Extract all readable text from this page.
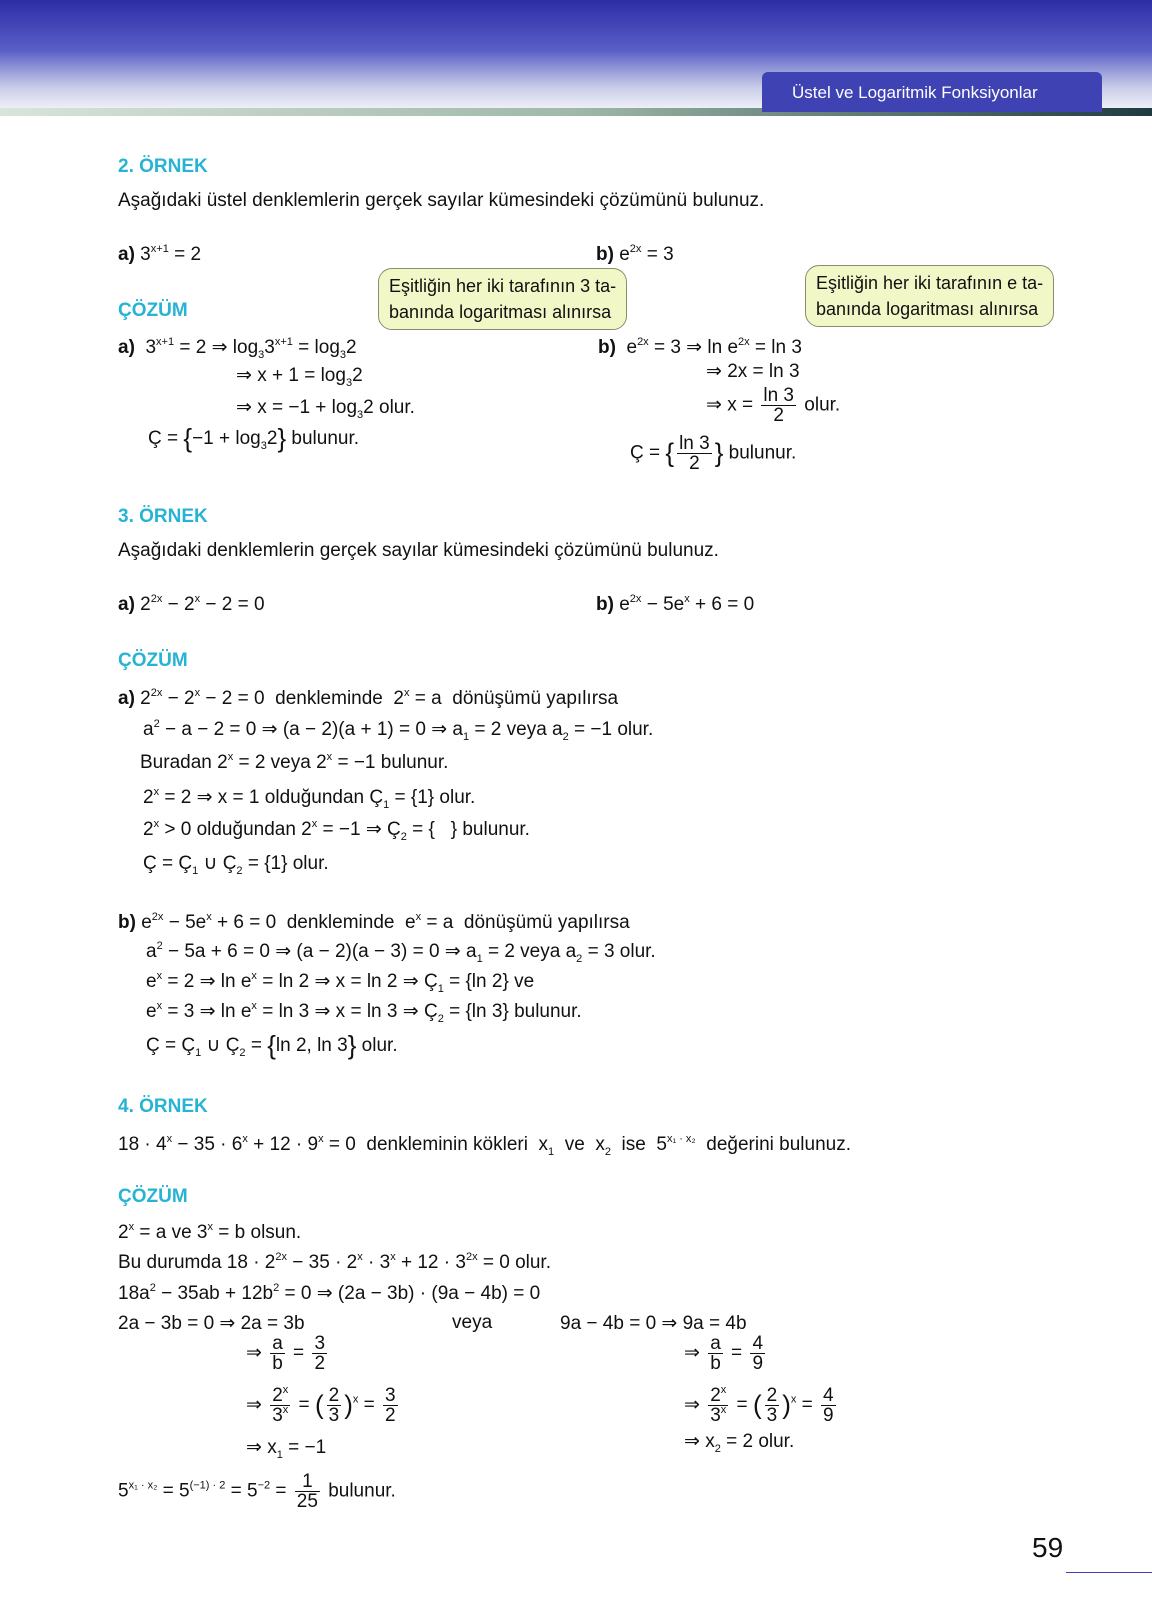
Üstel ve Logaritmik Fonksiyonlar
2. ÖRNEK
Aşağıdaki üstel denklemlerin gerçek sayılar kümesindeki çözümünü bulunuz.
a) $3^{x+1} = 2$	b) $e^{2x} = 3$
Eşitliğin her iki tarafının 3 ta-
banında logaritması alınırsa
Eşitliğin her iki tarafının e ta-
banında logaritması alınırsa
ÇÖZÜM
a)  $3^{x+1} = 2$ ⇒ $\log_33^{x+1} = \log_32$
⇒ $x + 1 = \log_32$
⇒ $x = -1 + \log_32$ olur.
Ç = $\{-1 + \log_32\}$ bulunur.
b)  $e^{2x} = 3$ ⇒ $\ln e^{2x} = \ln 3$
⇒ 2x = ln 3
⇒ $x = \frac{\ln 3}{2}$ olur.
Ç = { $\frac{\ln 3}{2}$ } bulunur.
3. ÖRNEK
Aşağıdaki denklemlerin gerçek sayılar kümesindeki çözümünü bulunuz.
a) $2^{2x} - 2^x - 2 = 0$	b) $e^{2x} - 5e^x + 6 = 0$
ÇÖZÜM
a) $2^{2x} - 2^x - 2 = 0$  denkleminde  $2^x = a$  dönüşümü yapılırsa
$a^2 - a - 2 = 0$ ⇒ (a − 2)(a + 1) = 0 ⇒ $a_1 = 2$ veya $a_2 = -1$ olur.
Buradan $2^x = 2$ veya $2^x = -1$ bulunur.
$2^x = 2$ ⇒ x = 1 olduğundan $Ç_1 = \{1\}$ olur.
$2^x > 0$ olduğundan $2^x = -1$ ⇒ $Ç_2$ = {   } bulunur.
Ç = $Ç_1$ ∪ $Ç_2 = \{1\}$ olur.
b) $e^{2x} - 5e^x + 6 = 0$  denkleminde  $e^x = a$  dönüşümü yapılırsa
$a^2 - 5a + 6 = 0$ ⇒ (a − 2)(a − 3) = 0 ⇒ $a_1 = 2$ veya $a_2 = 3$ olur.
$e^x = 2$ ⇒ $\ln e^x = \ln 2$ ⇒ x = ln 2 ⇒ $Ç_1 = \{\ln$ 2} ve
$e^x = 3$ ⇒ $\ln e^x = \ln 3$ ⇒ x = ln 3 ⇒ $Ç_2 = \{\ln$ 3} bulunur.
Ç = $Ç_1$ ∪ $Ç_2 = \{\ln$ 2, ln 3} olur.
4. ÖRNEK
$18 \cdot 4^x - 35 \cdot 6^x + 12 \cdot 9^x = 0$  denkleminin kökleri  $x_1$  ve  $x_2$  ise  $5^{x_1 \cdot x_2}$  değerini bulunuz.
ÇÖZÜM
$2^x = a$ ve $3^x = b$ olsun.
Bu durumda $18 \cdot 2^{2x} - 35 \cdot 2^x \cdot 3^x + 12 \cdot 3^{2x} = 0$ olur.
$18a^2 - 35ab + 12b^2 = 0$ ⇒ (2a − 3b) · (9a − 4b) = 0
2a − 3b = 0 ⇒ 2a = 3b	veya	9a − 4b = 0 ⇒ 9a = 4b
⇒ $\frac{a}{b} = \frac{3}{2}$	⇒ $\frac{a}{b} = \frac{4}{9}$
⇒ $\frac{2^x}{3^x}$ = ( $\frac{2}{3} )^x = \frac{3}{2}$	⇒ $\frac{2^x}{3^x}$ = ( $\frac{2}{3} )^x = \frac{4}{9}$
⇒ $x_1 = -1$	⇒ $x_2 = 2$ olur.
$5^{x_1 \cdot x_2} = 5^{(-1) \cdot 2} = 5^{-2} = \frac{1}{25}$ bulunur.
59
